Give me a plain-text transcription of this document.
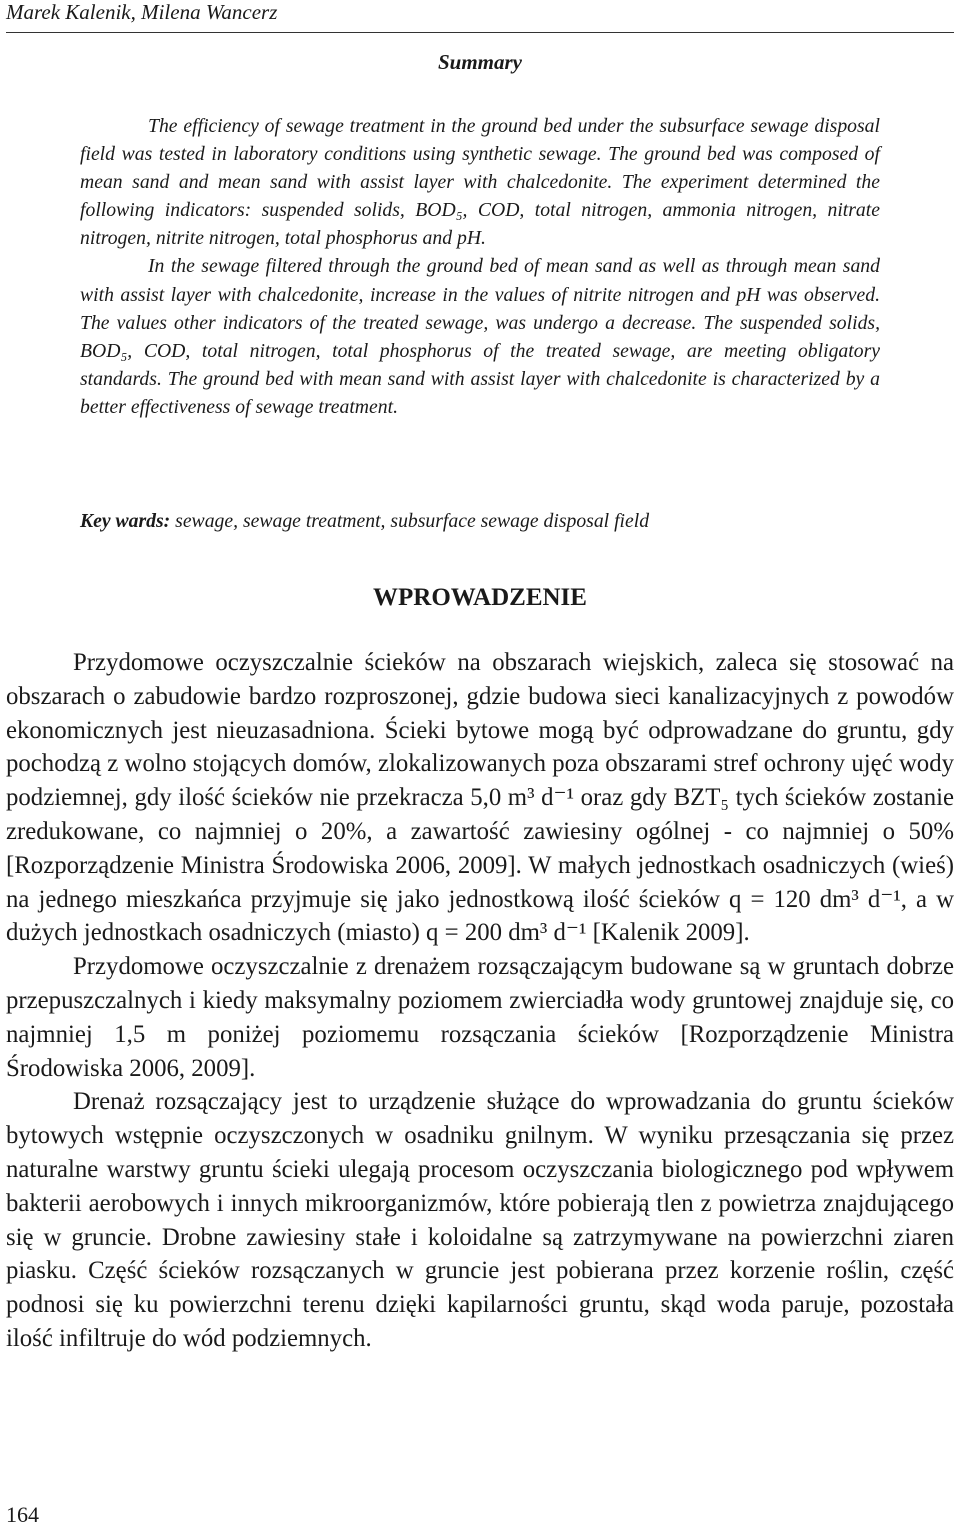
Marek Kalenik, Milena Wancerz
Summary

The efficiency of sewage treatment in the ground bed under the subsurface sewage disposal field was tested in laboratory conditions using synthetic sewage. The ground bed was composed of mean sand and mean sand with assist layer with chalcedonite. The experiment determined the following indicators: suspended solids, BOD₅, COD, total nitrogen, ammonia nitrogen, nitrate nitrogen, nitrite nitrogen, total phosphorus and pH.

In the sewage filtered through the ground bed of mean sand as well as through mean sand with assist layer with chalcedonite, increase in the values of nitrite nitrogen and pH was observed. The values other indicators of the treated sewage, was undergo a decrease. The suspended solids, BOD₅, COD, total nitrogen, total phosphorus of the treated sewage, are meeting obligatory standards. The ground bed with mean sand with assist layer with chalcedonite is characterized by a better effectiveness of sewage treatment.

Key wards: sewage, sewage treatment, subsurface sewage disposal field
WPROWADZENIE

Przydomowe oczyszczalnie ścieków na obszarach wiejskich, zaleca się stosować na obszarach o zabudowie bardzo rozproszonej, gdzie budowa sieci kanalizacyjnych z powodów ekonomicznych jest nieuzasadniona. Ścieki bytowe mogą być odprowadzane do gruntu, gdy pochodzą z wolno stojących domów, zlokalizowanych poza obszarami stref ochrony ujęć wody podziemnej, gdy ilość ścieków nie przekracza 5,0 m³ d⁻¹ oraz gdy BZT₅ tych ścieków zostanie zredukowane, co najmniej o 20%, a zawartość zawiesiny ogólnej - co najmniej o 50% [Rozporządzenie Ministra Środowiska 2006, 2009]. W małych jednostkach osadniczych (wieś) na jednego mieszkańca przyjmuje się jako jednostkową ilość ścieków q = 120 dm³ d⁻¹, a w dużych jednostkach osadniczych (miasto) q = 200 dm³ d⁻¹ [Kalenik 2009].

Przydomowe oczyszczalnie z drenażem rozsączającym budowane są w gruntach dobrze przepuszczalnych i kiedy maksymalny poziomem zwierciadła wody gruntowej znajduje się, co najmniej 1,5 m poniżej poziomemu rozsączania ścieków [Rozporządzenie Ministra Środowiska 2006, 2009].

Drenaż rozsączający jest to urządzenie służące do wprowadzania do gruntu ścieków bytowych wstępnie oczyszczonych w osadniku gnilnym. W wyniku przesączania się przez naturalne warstwy gruntu ścieki ulegają procesom oczyszczania biologicznego pod wpływem bakterii aerobowych i innych mikroorganizmów, które pobierają tlen z powietrza znajdującego się w gruncie. Drobne zawiesiny stałe i koloidalne są zatrzymywane na powierzchni ziaren piasku. Część ścieków rozsączanych w gruncie jest pobierana przez korzenie roślin, część podnosi się ku powierzchni terenu dzięki kapilarności gruntu, skąd woda paruje, pozostała ilość infiltruje do wód podziemnych.

164
